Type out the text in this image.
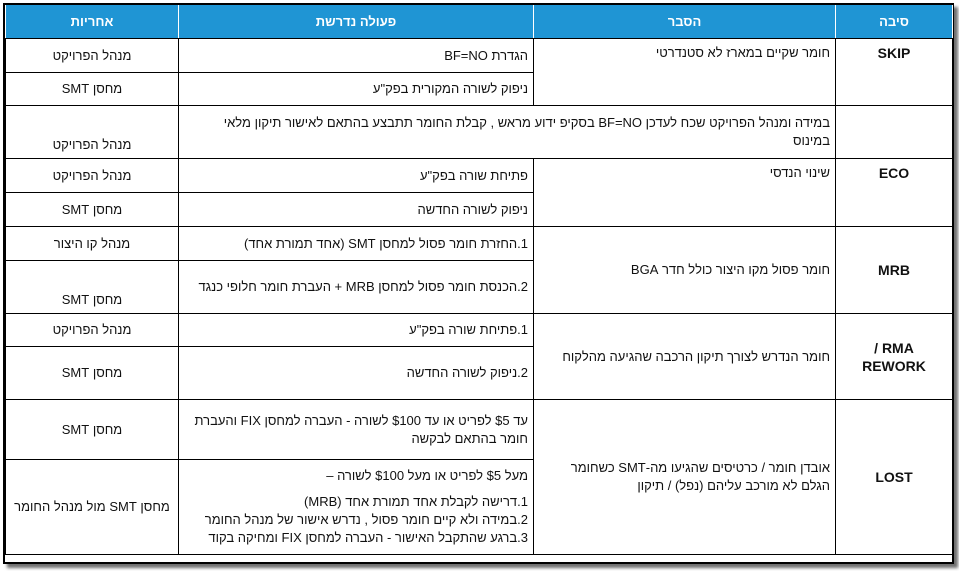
סיבה	הסבר	פעולה נדרשת	אחריות
SKIP	חומר שקיים במארז לא סטנדרטי	הגדרת BF=NO	מנהל הפרויקט
		ניפוק לשורה המקורית בפק"ע	מחסן SMT
	במידה ומנהל הפרויקט שכח לעדכן BF=NO בסקיפ ידוע מראש , קבלת החומר תתבצע בהתאם לאישור תיקון מלאי במינוס		מנהל הפרויקט
ECO	שינוי הנדסי	פתיחת שורה בפק"ע	מנהל הפרויקט
		ניפוק לשורה החדשה	מחסן SMT
MRB	חומר פסול מקו היצור כולל חדר BGA	1.החזרת חומר פסול למחסן SMT (אחד תמורת אחד)	מנהל קו היצור
		2.הכנסת חומר פסול למחסן MRB + העברת חומר חלופי כנגד	מחסן SMT

RMA /
REWORK	חומר הנדרש לצורך תיקון הרכבה שהגיעה מהלקוח	1.פתיחת שורה בפק"ע	מנהל הפרויקט
		2.ניפוק לשורה החדשה	מחסן SMT
LOST	אובדן חומר / כרטיסים שהגיעו מה-SMT כשחומר הגלם לא מורכב עליהם (נפל) / תיקון	עד $5 לפריט או עד $100 לשורה - העברה למחסן FIX והעברת חומר בהתאם לבקשה	מחסן SMT

		מעל $5 לפריט או מעל $100 לשורה –
1.דרישה לקבלת אחד תמורת אחד (MRB)
2.במידה ולא קיים חומר פסול , נדרש אישור של מנהל החומר
3.ברגע שהתקבל האישור - העברה למחסן FIX ומחיקה בקוד	מחסן SMT מול מנהל החומר
